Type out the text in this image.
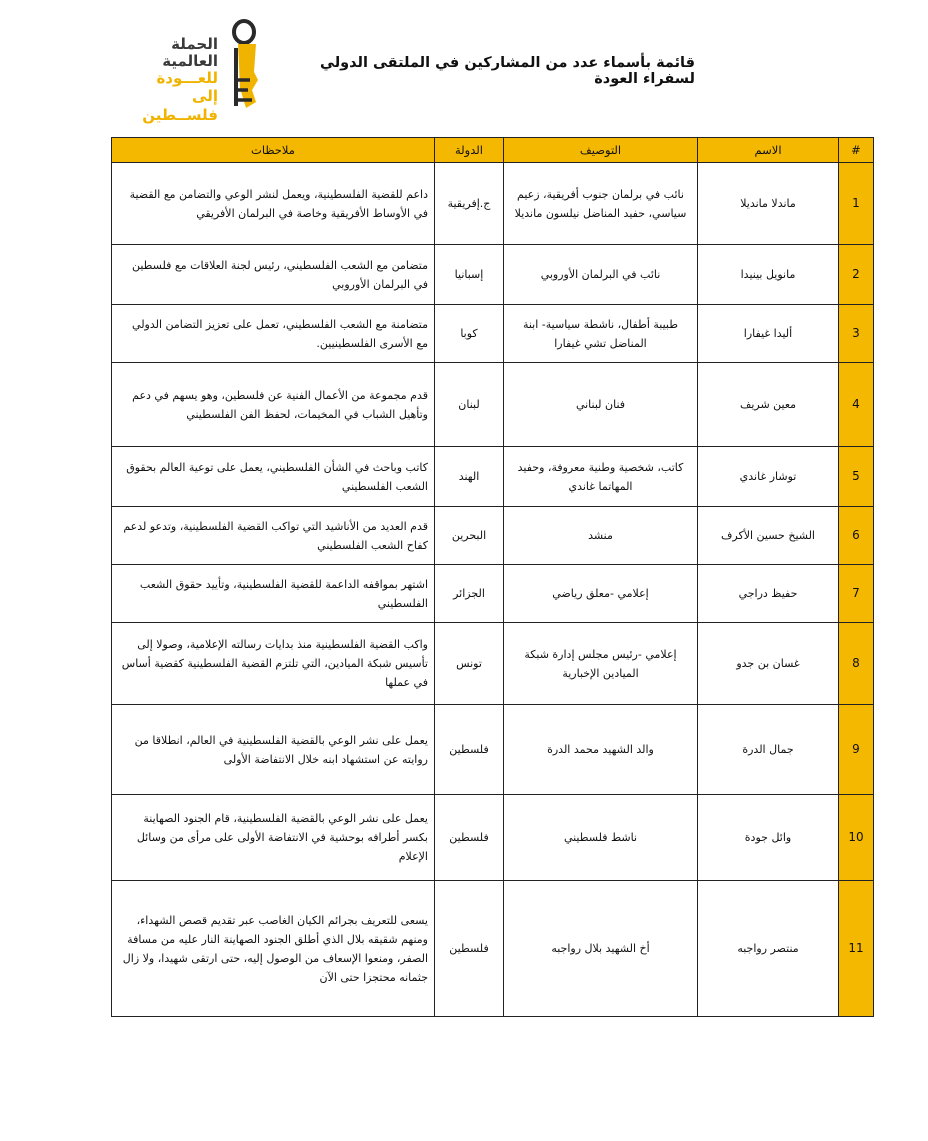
الحملة العالمية
للعـــودة
إلى فلســطين
قائمة بأسماء عدد من المشاركين في الملتقى الدولي لسفراء العودة
#	الاسم	التوصيف	الدولة	ملاحظات
1	ماندلا مانديلا	نائب في برلمان جنوب أفريقية، زعيم سياسي، حفيد المناضل نيلسون مانديلا	ج.إفريقية	داعم للقضية الفلسطينية، ويعمل لنشر الوعي والتضامن مع القضية في الأوساط الأفريقية وخاصة في البرلمان الأفريقي
2	مانويل بينيدا	نائب في البرلمان الأوروبي	إسبانيا	متضامن مع الشعب الفلسطيني، رئيس لجنة العلاقات مع فلسطين في البرلمان الأوروبي
3	أليدا غيفارا	طبيبة أطفال، ناشطة سياسية- ابنة المناضل تشي غيفارا	كوبا	متضامنة مع الشعب الفلسطيني، تعمل على تعزيز التضامن الدولي مع الأسرى الفلسطينيين.
4	معين شريف	فنان لبناني	لبنان	قدم مجموعة من الأعمال الفنية عن فلسطين، وهو يسهم في دعم وتأهيل الشباب في المخيمات، لحفظ الفن الفلسطيني
5	توشار غاندي	كاتب، شخصية وطنية معروفة، وحفيد المهاتما غاندي	الهند	كاتب وباحث في الشأن الفلسطيني، يعمل على توعية العالم بحقوق الشعب الفلسطيني
6	الشيخ حسين الأكرف	منشد	البحرين	قدم العديد من الأناشيد التي تواكب القضية الفلسطينية، وتدعو لدعم كفاح الشعب الفلسطيني
7	حفيظ دراجي	إعلامي -معلق رياضي	الجزائر	اشتهر بمواقفه الداعمة للقضية الفلسطينية، وتأييد حقوق الشعب الفلسطيني
8	غسان بن جدو	إعلامي -رئيس مجلس إدارة شبكة الميادين الإخبارية	تونس	واكب القضية الفلسطينية منذ بدايات رسالته الإعلامية، وصولا إلى تأسيس شبكة الميادين، التي تلتزم القضية الفلسطينية كقضية أساس في عملها
9	جمال الدرة	والد الشهيد محمد الدرة	فلسطين	يعمل على نشر الوعي بالقضية الفلسطينية في العالم، انطلاقا من روايته عن استشهاد ابنه خلال الانتفاضة الأولى
10	وائل جودة	ناشط فلسطيني	فلسطين	يعمل على نشر الوعي بالقضية الفلسطينية، قام الجنود الصهاينة بكسر أطرافه بوحشية في الانتفاضة الأولى على مرأى من وسائل الإعلام
11	منتصر رواجبه	أخ الشهيد بلال رواجبه	فلسطين	يسعى للتعريف بجرائم الكيان الغاصب عبر تقديم قصص الشهداء، ومنهم شقيقه بلال الذي أطلق الجنود الصهاينة النار عليه من مسافة الصفر، ومنعوا الإسعاف من الوصول إليه، حتى ارتقى شهيدا، ولا زال جثمانه محتجزا حتى الآن
